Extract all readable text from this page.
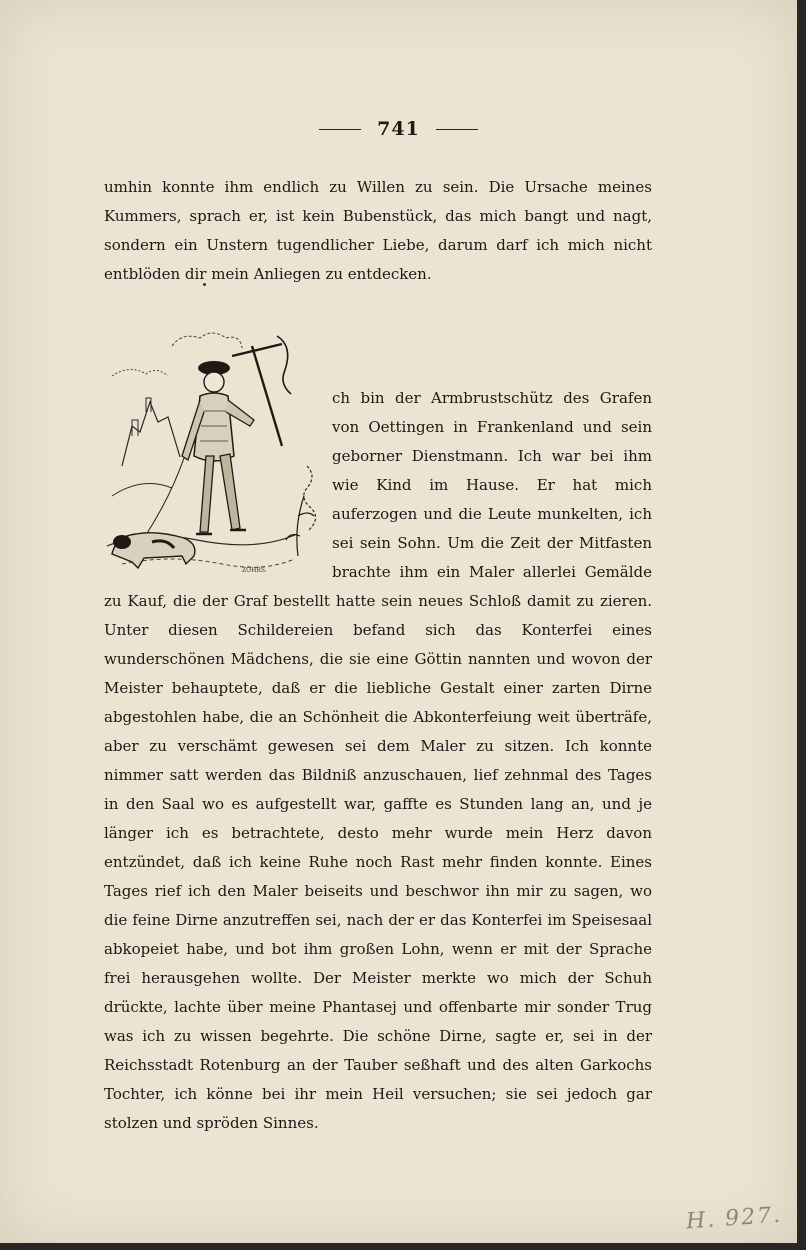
741

umhin konnte ihm endlich zu Willen zu sein. Die Ursache meines Kummers, sprach er, ist kein Bubenstück, das mich bangt und nagt, sondern ein Unstern tugendlicher Liebe, darum darf ich mich nicht entblöden dir mein Anliegen zu entdecken.

ZÖHRS.
ch bin der Armbrustschütz des Grafen von Oettingen in Frankenland und sein geborner Dienstmann. Ich war bei ihm wie Kind im Hause. Er hat mich auferzogen und die Leute munkelten, ich sei sein Sohn. Um die Zeit der Mitfasten brachte ihm ein Maler allerlei Gemälde zu Kauf, die der Graf bestellt hatte sein neues Schloß damit zu zieren. Unter diesen Schildereien befand sich das Konterfei eines wunderschönen Mädchens, die sie eine Göttin nannten und wovon der Meister behauptete, daß er die liebliche Gestalt einer zarten Dirne abgestohlen habe, die an Schönheit die Abkonterfeiung weit überträfe, aber zu verschämt gewesen sei dem Maler zu sitzen. Ich konnte nimmer satt werden das Bildniß anzuschauen, lief zehnmal des Tages in den Saal wo es aufgestellt war, gaffte es Stunden lang an, und je länger ich es betrachtete, desto mehr wurde mein Herz davon entzündet, daß ich keine Ruhe noch Rast mehr finden konnte. Eines Tages rief ich den Maler beiseits und beschwor ihn mir zu sagen, wo die feine Dirne anzutreffen sei, nach der er das Konterfei im Speisesaal abkopeiet habe, und bot ihm großen Lohn, wenn er mit der Sprache frei herausgehen wollte. Der Meister merkte wo mich der Schuh drückte, lachte über meine Phantasej und offenbarte mir sonder Trug was ich zu wissen begehrte. Die schöne Dirne, sagte er, sei in der Reichsstadt Rotenburg an der Tauber seßhaft und des alten Garkochs Tochter, ich könne bei ihr mein Heil versuchen; sie sei jedoch gar stolzen und spröden Sinnes.
H. 927.
